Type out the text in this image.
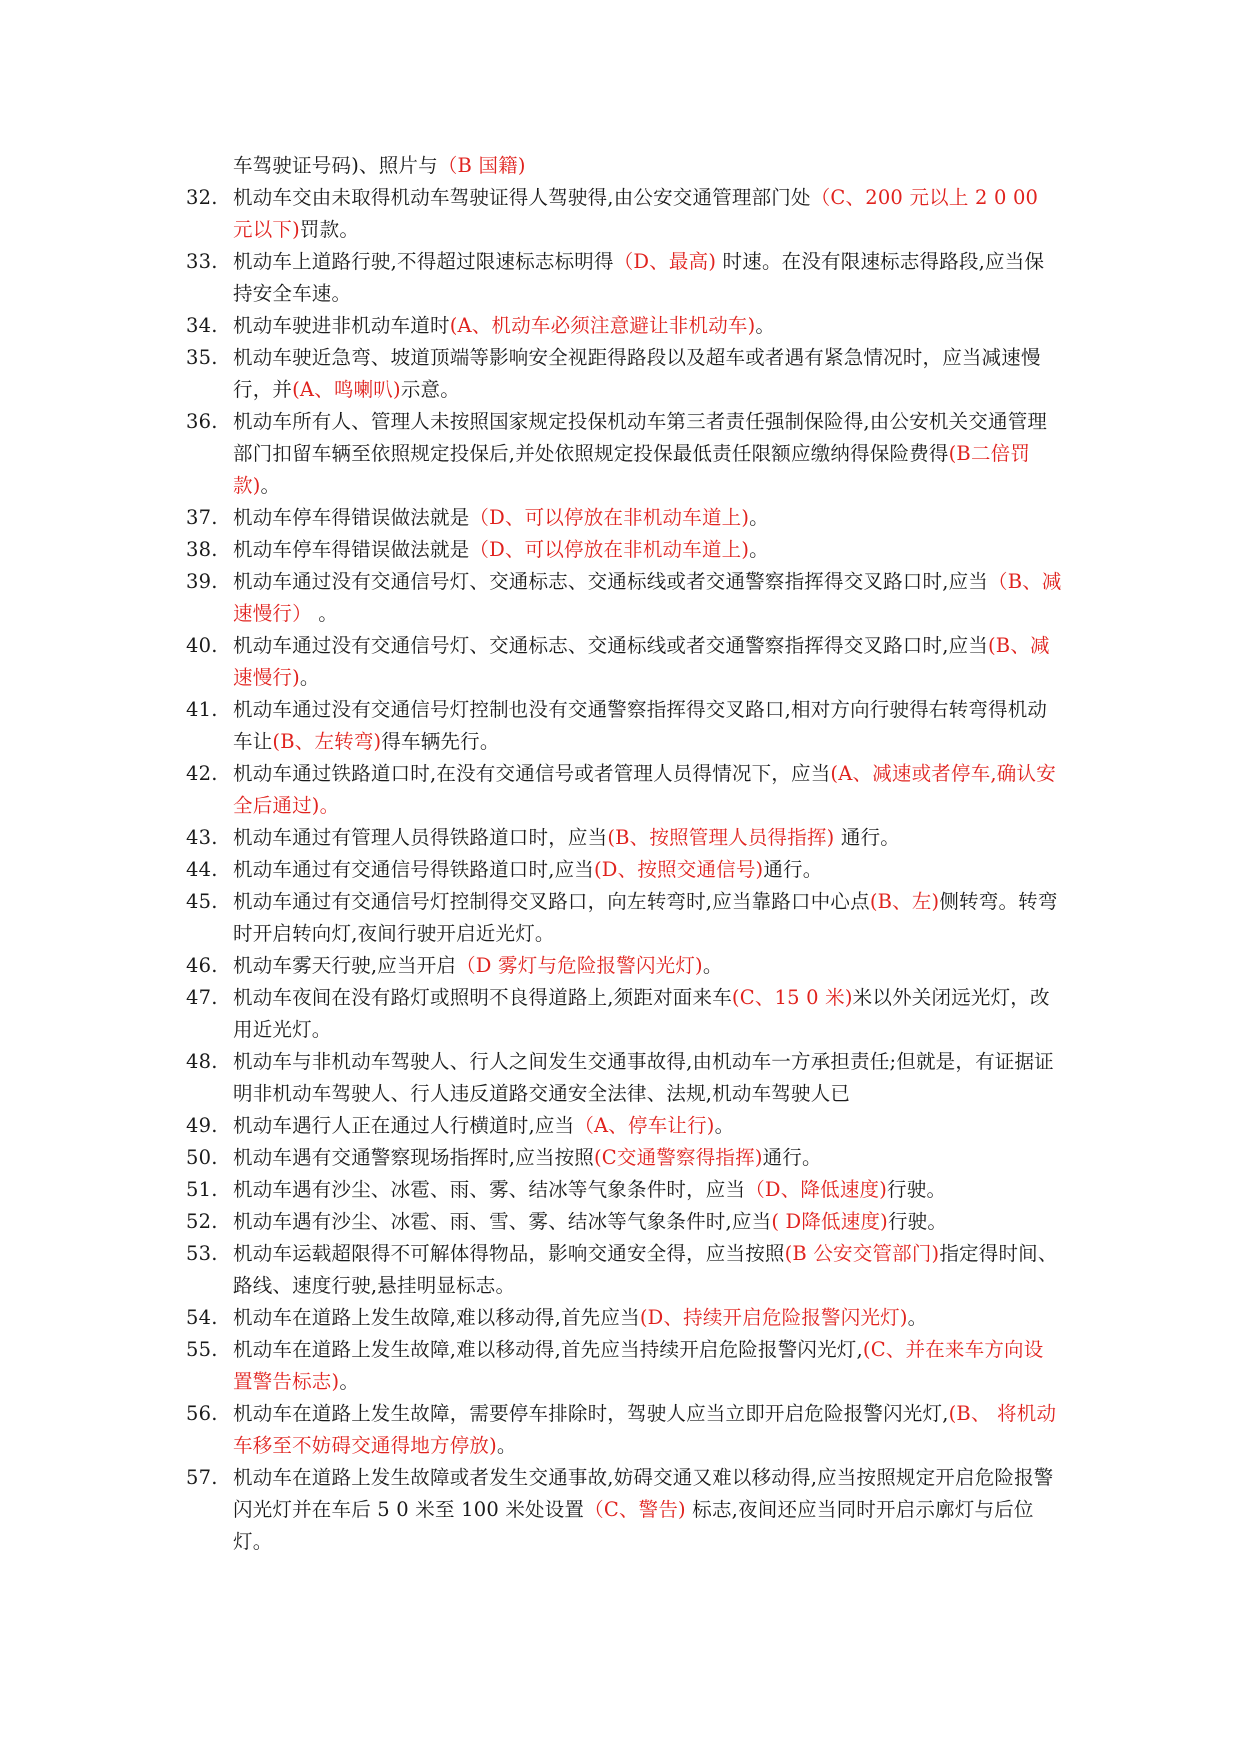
车驾驶证号码)、照片与（B 国籍)
32. 机动车交由未取得机动车驾驶证得人驾驶得,由公安交通管理部门处（C、200 元以上 2 0 00 元以下)罚款。
33. 机动车上道路行驶,不得超过限速标志标明得（D、最高) 时速。在没有限速标志得路段,应当保持安全车速。
34. 机动车驶进非机动车道时(A、机动车必须注意避让非机动车)。
35. 机动车驶近急弯、坡道顶端等影响安全视距得路段以及超车或者遇有紧急情况时，应当减速慢行，并(A、鸣喇叭)示意。
36. 机动车所有人、管理人未按照国家规定投保机动车第三者责任强制保险得,由公安机关交通管理部门扣留车辆至依照规定投保后,并处依照规定投保最低责任限额应缴纳得保险费得(B二倍罚款)。
37. 机动车停车得错误做法就是（D、可以停放在非机动车道上)。
38. 机动车停车得错误做法就是（D、可以停放在非机动车道上)。
39. 机动车通过没有交通信号灯、交通标志、交通标线或者交通警察指挥得交叉路口时,应当（B、减速慢行） 。
40. 机动车通过没有交通信号灯、交通标志、交通标线或者交通警察指挥得交叉路口时,应当(B、减速慢行)。
41. 机动车通过没有交通信号灯控制也没有交通警察指挥得交叉路口,相对方向行驶得右转弯得机动车让(B、左转弯)得车辆先行。
42. 机动车通过铁路道口时,在没有交通信号或者管理人员得情况下，应当(A、减速或者停车,确认安全后通过)。
43. 机动车通过有管理人员得铁路道口时，应当(B、按照管理人员得指挥) 通行。
44. 机动车通过有交通信号得铁路道口时,应当(D、按照交通信号)通行。
45. 机动车通过有交通信号灯控制得交叉路口，向左转弯时,应当靠路口中心点(B、左)侧转弯。转弯时开启转向灯,夜间行驶开启近光灯。
46. 机动车雾天行驶,应当开启（D 雾灯与危险报警闪光灯)。
47. 机动车夜间在没有路灯或照明不良得道路上,须距对面来车(C、15 0 米)米以外关闭远光灯，改用近光灯。
48. 机动车与非机动车驾驶人、行人之间发生交通事故得,由机动车一方承担责任;但就是，有证据证明非机动车驾驶人、行人违反道路交通安全法律、法规,机动车驾驶人已
49. 机动车遇行人正在通过人行横道时,应当（A、停车让行)。
50. 机动车遇有交通警察现场指挥时,应当按照(C交通警察得指挥)通行。
51. 机动车遇有沙尘、冰雹、雨、雾、结冰等气象条件时，应当（D、降低速度)行驶。
52. 机动车遇有沙尘、冰雹、雨、雪、雾、结冰等气象条件时,应当( D降低速度)行驶。
53. 机动车运载超限得不可解体得物品，影响交通安全得，应当按照(B 公安交管部门)指定得时间、路线、速度行驶,悬挂明显标志。
54. 机动车在道路上发生故障,难以移动得,首先应当(D、持续开启危险报警闪光灯)。
55. 机动车在道路上发生故障,难以移动得,首先应当持续开启危险报警闪光灯,(C、并在来车方向设置警告标志)。
56. 机动车在道路上发生故障，需要停车排除时，驾驶人应当立即开启危险报警闪光灯,(B、 将机动车移至不妨碍交通得地方停放)。
57. 机动车在道路上发生故障或者发生交通事故,妨碍交通又难以移动得,应当按照规定开启危险报警闪光灯并在车后 5 0 米至 100 米处设置（C、警告) 标志,夜间还应当同时开启示廓灯与后位灯。
